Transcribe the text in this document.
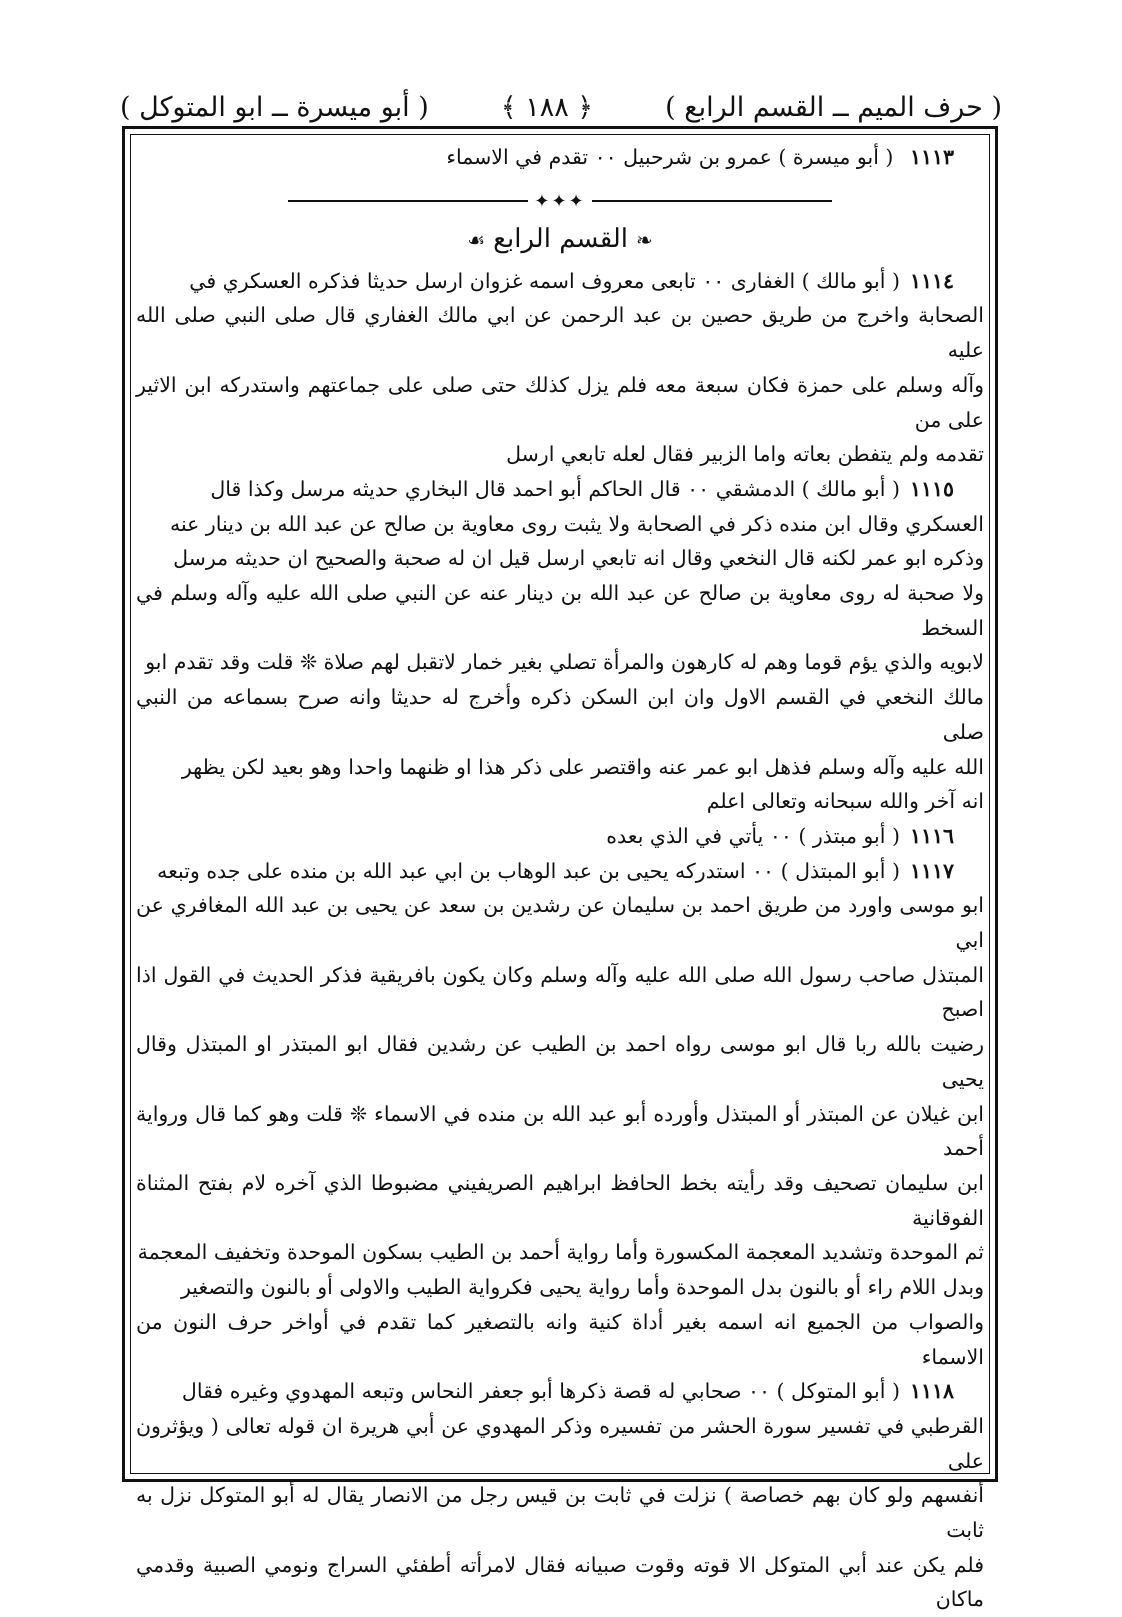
( حرف الميم ــ القسم الرابع )
﴿ ١٨٨ ﴾
( أبو ميسرة ــ ابو المتوكل )

١١١٣ ( أبو ميسرة ) عمرو بن شرحبيل ٠٠ تقدم في الاسماء

✦✦✦
❧القسم الرابع☙

١١١٤( أبو مالك ) الغفاری ٠٠ تابعی معروف اسمه غزوان ارسل حديثا فذكره العسكري في

الصحابة واخرج من طريق حصين بن عبد الرحمن عن ابي مالك الغفاري قال صلى النبي صلى الله عليه

وآله وسلم على حمزة فكان سبعة معه فلم يزل كذلك حتى صلى على جماعتهم واستدركه ابن الاثير على من

تقدمه ولم يتفطن بعاته واما الزبير فقال لعله تابعي ارسل

١١١٥( أبو مالك ) الدمشقي ٠٠ قال الحاكم أبو احمد قال البخاري حديثه مرسل وكذا قال

العسكري وقال ابن منده ذكر في الصحابة ولا يثبت روى معاوية بن صالح عن عبد الله بن دينار عنه

وذكره ابو عمر لكنه قال النخعي وقال انه تابعي ارسل قيل ان له صحبة والصحيح ان حديثه مرسل

ولا صحبة له روى معاوية بن صالح عن عبد الله بن دينار عنه عن النبي صلى الله عليه وآله وسلم في السخط

لابويه والذي يؤم قوما وهم له كارهون والمرأة تصلي بغير خمار لاتقبل لهم صلاة ❊ قلت وقد تقدم ابو

مالك النخعي في القسم الاول وان ابن السكن ذكره وأخرج له حديثا وانه صرح بسماعه من النبي صلى

الله عليه وآله وسلم فذهل ابو عمر عنه واقتصر على ذكر هذا او ظنهما واحدا وهو بعيد لكن يظهر

انه آخر والله سبحانه وتعالى اعلم

١١١٦( أبو مبتذر ) ٠٠ يأتي في الذي بعده

١١١٧( أبو المبتذل ) ٠٠ استدركه يحيى بن عبد الوهاب بن ابي عبد الله بن منده على جده وتبعه

ابو موسى واورد من طريق احمد بن سليمان عن رشدين بن سعد عن يحيى بن عبد الله المغافري عن ابي

المبتذل صاحب رسول الله صلى الله عليه وآله وسلم وكان يكون بافريقية فذكر الحديث في القول اذا اصبح

رضيت بالله ربا قال ابو موسى رواه احمد بن الطيب عن رشدين فقال ابو المبتذر او المبتذل وقال يحيى

ابن غيلان عن المبتذر أو المبتذل وأورده أبو عبد الله بن منده في الاسماء ❊ قلت وهو كما قال ورواية أحمد

ابن سليمان تصحيف وقد رأيته بخط الحافظ ابراهيم الصريفيني مضبوطا الذي آخره لام بفتح المثناة الفوقانية

ثم الموحدة وتشديد المعجمة المكسورة وأما رواية أحمد بن الطيب بسكون الموحدة وتخفيف المعجمة

وبدل اللام راء أو بالنون بدل الموحدة وأما رواية يحيى فكرواية الطيب والاولى أو بالنون والتصغير

والصواب من الجميع انه اسمه بغير أداة كنية وانه بالتصغير كما تقدم في أواخر حرف النون من الاسماء

١١١٨( أبو المتوكل ) ٠٠ صحابي له قصة ذكرها أبو جعفر النحاس وتبعه المهدوي وغيره فقال

القرطبي في تفسير سورة الحشر من تفسيره وذكر المهدوي عن أبي هريرة ان قوله تعالى ( ويؤثرون على

أنفسهم ولو كان بهم خصاصة ) نزلت في ثابت بن قيس رجل من الانصار يقال له أبو المتوكل نزل به ثابت

فلم يكن عند أبي المتوكل الا قوته وقوت صبيانه فقال لامرأته أطفئي السراج ونومي الصبية وقدمي ماكان
